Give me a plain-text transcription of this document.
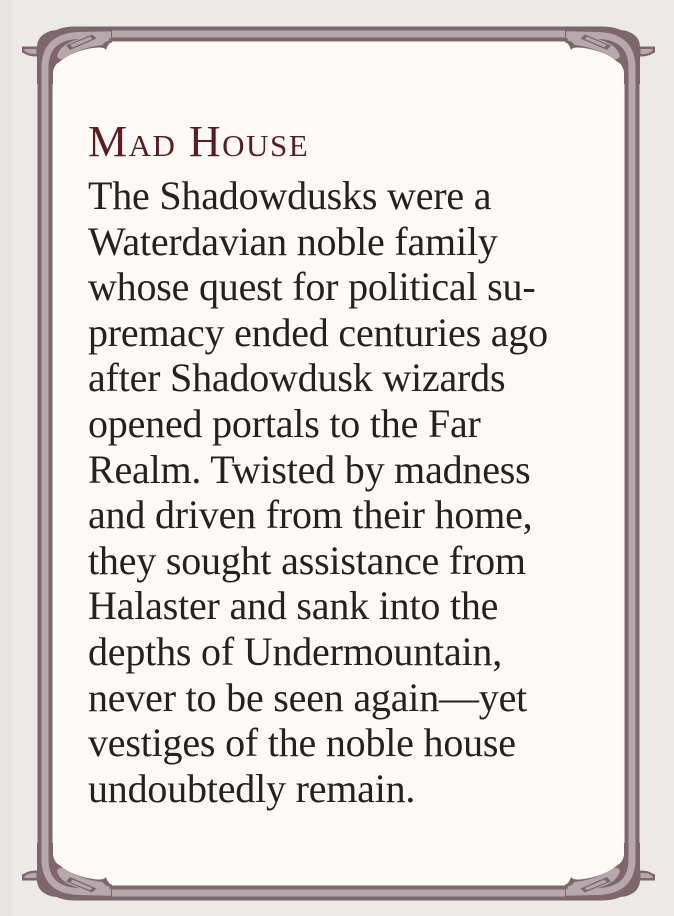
Mad House
The Shadowdusks were a
Waterdavian noble family
whose quest for political su-
premacy ended centuries ago
after Shadowdusk wizards
opened portals to the Far
Realm. Twisted by madness
and driven from their home,
they sought assistance from
Halaster and sank into the
depths of Undermountain,
never to be seen again—yet
vestiges of the noble house
undoubtedly remain.
